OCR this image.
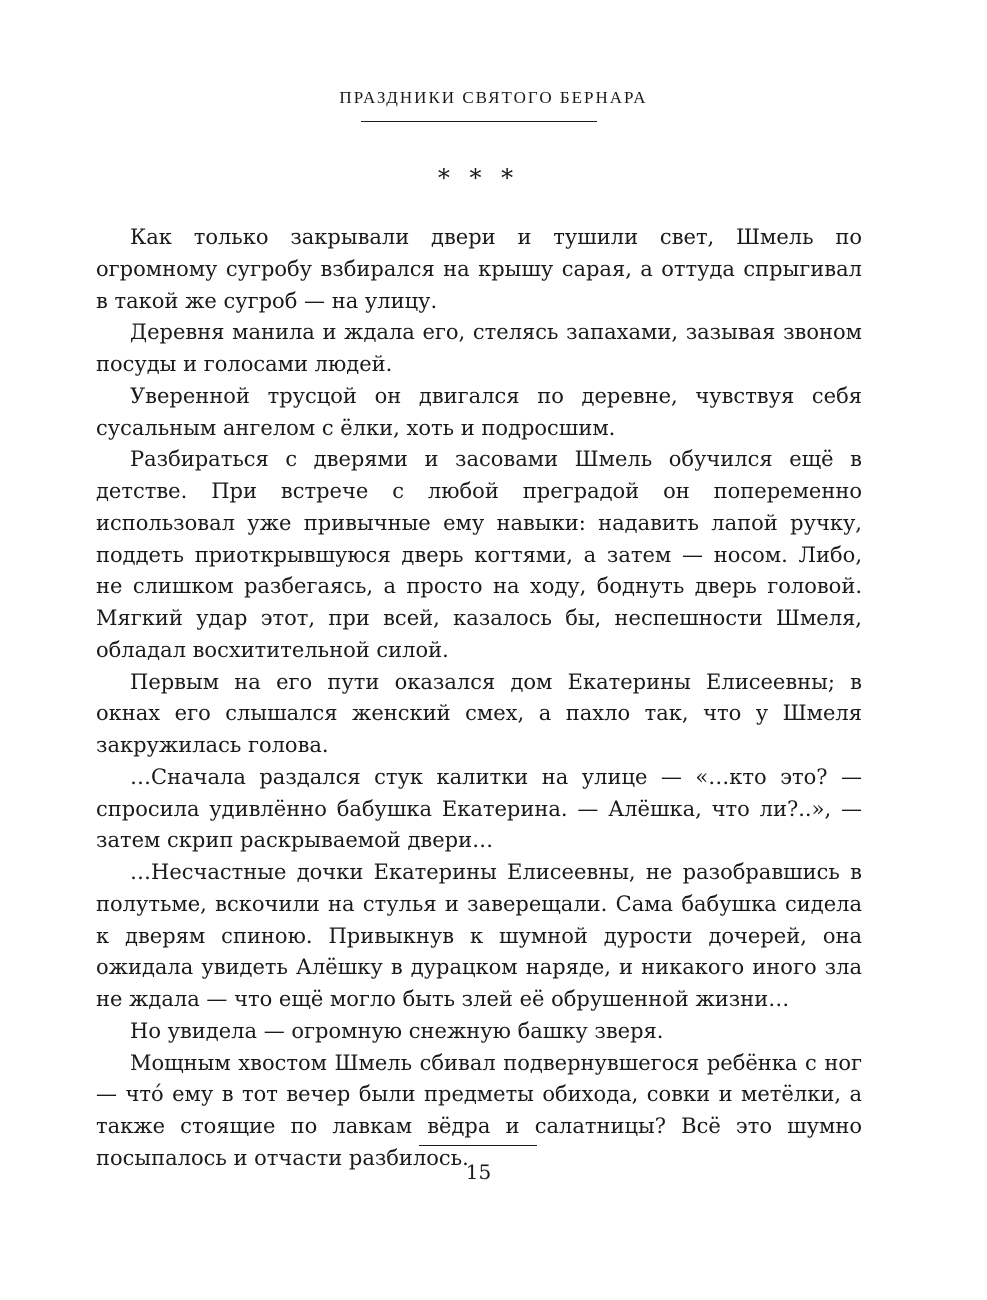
ПРАЗДНИКИ СВЯТОГО БЕРНАРА
* * *

Как только закрывали двери и тушили свет, Шмель по огромному сугробу взбирался на крышу сарая, а оттуда спрыгивал в такой же сугроб — на улицу.

Деревня манила и ждала его, стелясь запахами, зазывая звоном посуды и голосами людей.

Уверенной трусцой он двигался по деревне, чувствуя себя сусальным ангелом с ёлки, хоть и подросшим.

Разбираться с дверями и засовами Шмель обучился ещё в детстве. При встрече с любой преградой он попеременно использовал уже привычные ему навыки: надавить лапой ручку, поддеть приоткрывшуюся дверь когтями, а затем — носом. Либо, не слишком разбегаясь, а просто на ходу, боднуть дверь головой. Мягкий удар этот, при всей, казалось бы, неспешности Шмеля, обладал восхитительной силой.

Первым на его пути оказался дом Екатерины Елисеевны; в окнах его слышался женский смех, а пахло так, что у Шмеля закружилась голова.

…Сначала раздался стук калитки на улице — «…кто это? — спросила удивлённо бабушка Екатерина. — Алёшка, что ли?..», — затем скрип раскрываемой двери…

…Несчастные дочки Екатерины Елисеевны, не разобравшись в полутьме, вскочили на стулья и заверещали. Сама бабушка сидела к дверям спиною. Привыкнув к шумной дурости дочерей, она ожидала увидеть Алёшку в дурацком наряде, и никакого иного зла не ждала — что ещё могло быть злей её обрушенной жизни…

Но увидела — огромную снежную башку зверя.

Мощным хвостом Шмель сбивал подвернувшегося ребёнка с ног — что́ ему в тот вечер были предметы обихода, совки и метёлки, а также стоящие по лавкам вёдра и салатницы? Всё это шумно посыпалось и отчасти разбилось.

15
